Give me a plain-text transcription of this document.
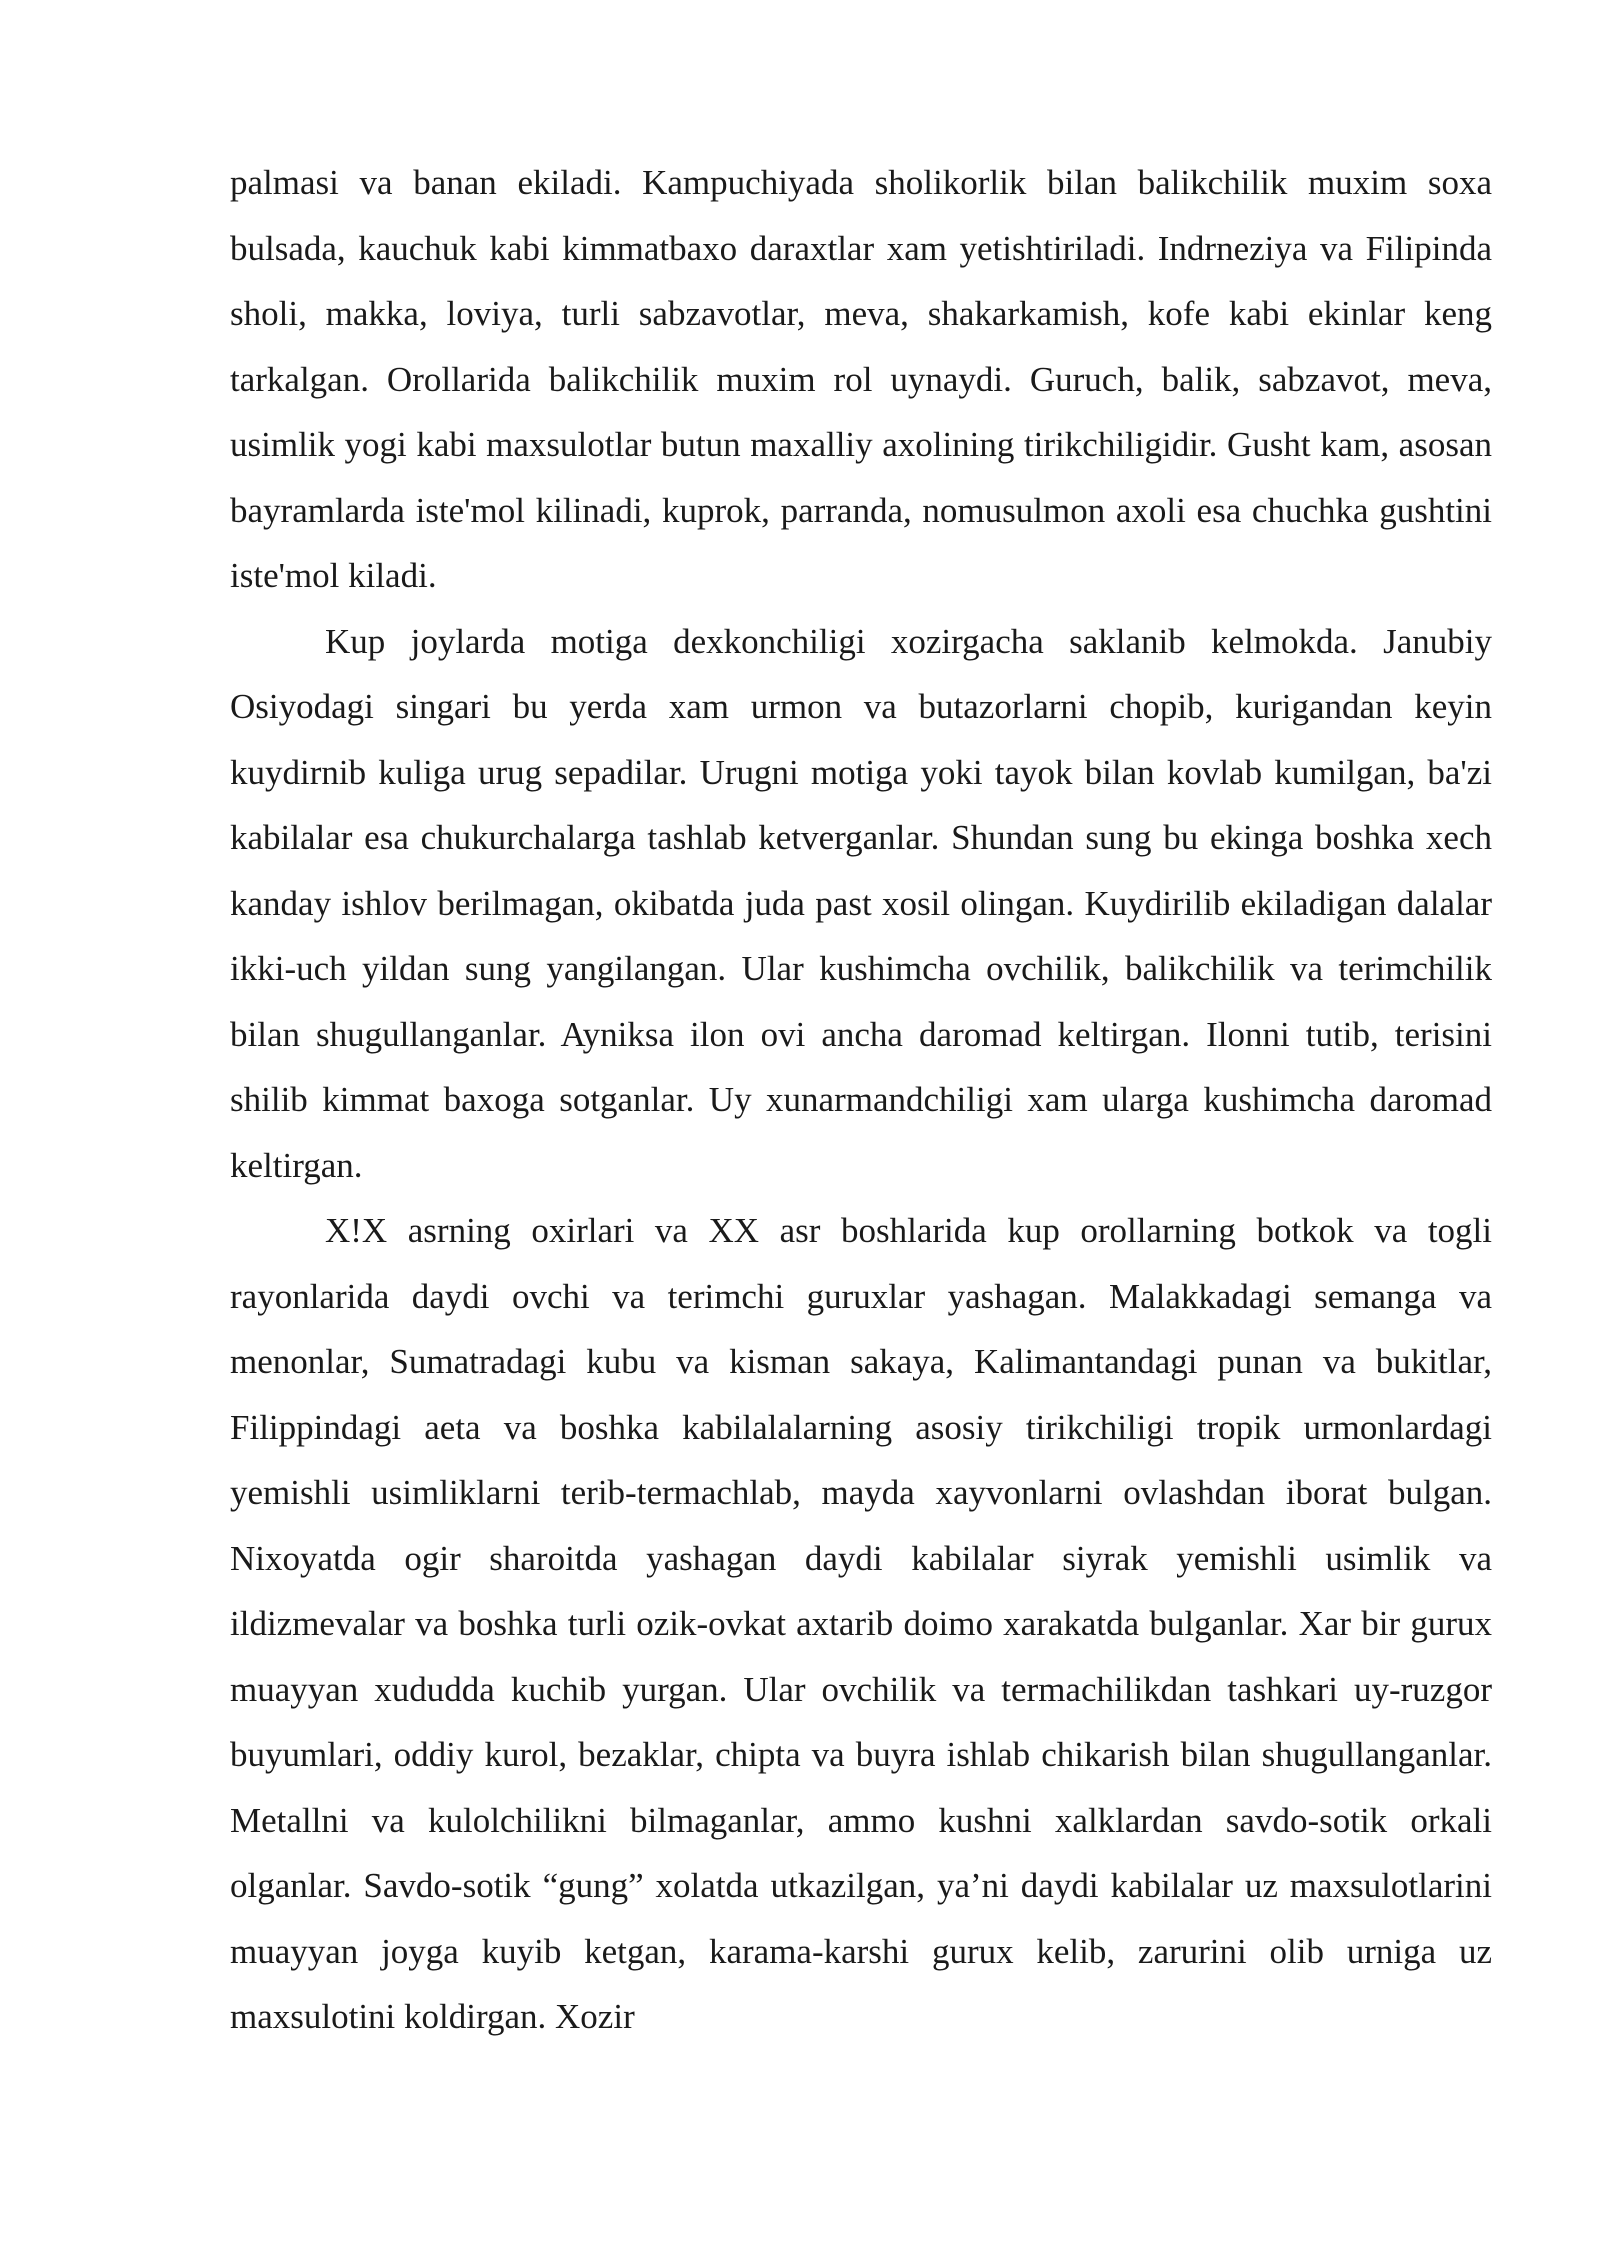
palmasi va banan ekiladi. Kampuchiyada sholikorlik bilan balikchilik muxim soxa bulsada, kauchuk kabi kimmatbaxo daraxtlar xam yetishtiriladi. Indrneziya va Filipinda sholi, makka, loviya, turli sabzavotlar, meva, shakarkamish, kofe kabi ekinlar keng tarkalgan. Orollarida balikchilik muxim rol uynaydi. Guruch, balik, sabzavot, meva, usimlik yogi kabi maxsulotlar butun maxalliy axolining tirikchiligidir. Gusht kam, asosan bayramlarda iste'mol kilinadi, kuprok, parranda, nomusulmon axoli esa chuchka gushtini iste'mol kiladi.

Kup joylarda motiga dexkonchiligi xozirgacha saklanib kelmokda. Janubiy Osiyodagi singari bu yerda xam urmon va butazorlarni chopib, kurigandan keyin kuydirnib kuliga urug sepadilar. Urugni motiga yoki tayok bilan kovlab kumilgan, ba'zi kabilalar esa chukurchalarga tashlab ketverganlar. Shundan sung bu ekinga boshka xech kanday ishlov berilmagan, okibatda juda past xosil olingan. Kuydirilib ekiladigan dalalar ikki-uch yildan sung yangilangan. Ular kushimcha ovchilik, balikchilik va terimchilik bilan shugullanganlar. Ayniksa ilon ovi ancha daromad keltirgan. Ilonni tutib, terisini shilib kimmat baxoga sotganlar. Uy xunarmandchiligi xam ularga kushimcha daromad keltirgan.

X!X asrning oxirlari va XX asr boshlarida kup orollarning botkok va togli rayonlarida daydi ovchi va terimchi guruxlar yashagan. Malakkadagi semanga va menonlar, Sumatradagi kubu va kisman sakaya, Kalimantandagi punan va bukitlar, Filippindagi aeta va boshka kabilalalarning asosiy tirikchiligi tropik urmonlardagi yemishli usimliklarni terib-termachlab, mayda xayvonlarni ovlashdan iborat bulgan. Nixoyatda ogir sharoitda yashagan daydi kabilalar siyrak yemishli usimlik va ildizmevalar va boshka turli ozik-ovkat axtarib doimo xarakatda bulganlar. Xar bir gurux muayyan xududda kuchib yurgan. Ular ovchilik va termachilikdan tashkari uy-ruzgor buyumlari, oddiy kurol, bezaklar, chipta va buyra ishlab chikarish bilan shugullanganlar. Metallni va kulolchilikni bilmaganlar, ammo kushni xalklardan savdo-sotik orkali olganlar. Savdo-sotik “gung” xolatda utkazilgan, ya’ni daydi kabilalar uz maxsulotlarini muayyan joyga kuyib ketgan, karama-karshi gurux kelib, zarurini olib urniga uz maxsulotini koldirgan. Xozir
